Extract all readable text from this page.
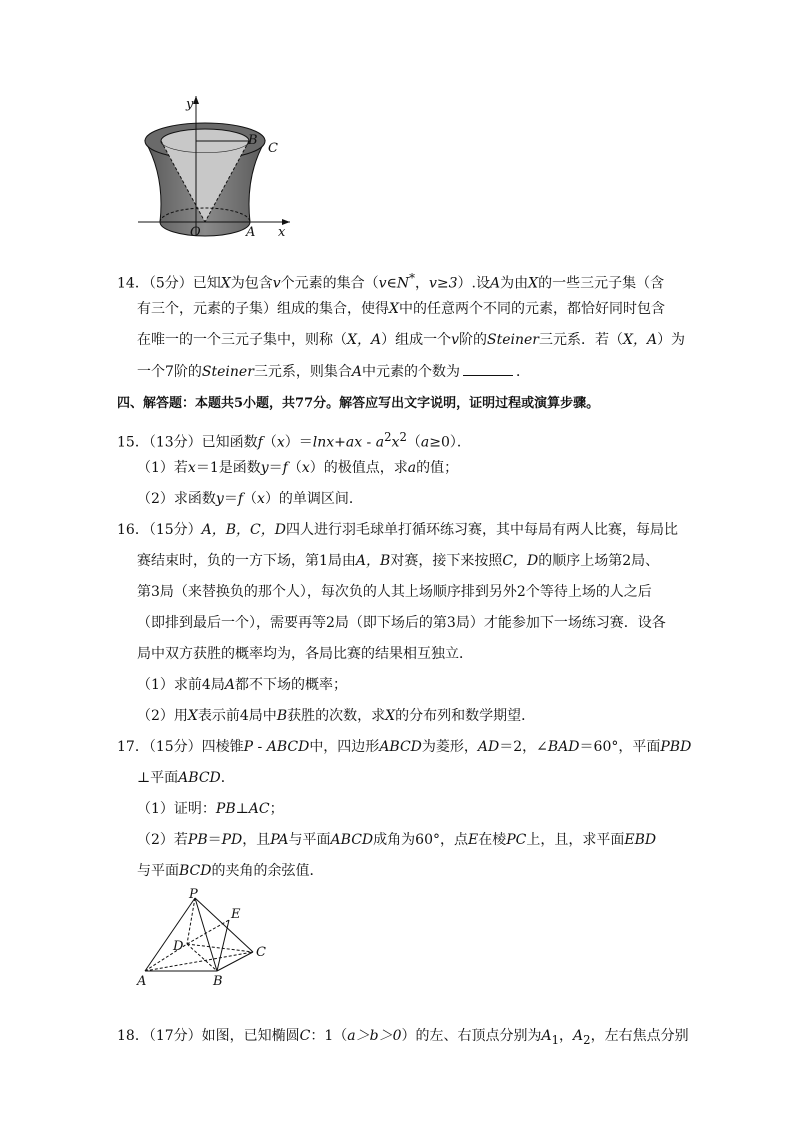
y
B
C
O	A x
14．（5分）已知X为包含v个元素的集合（v∈N*，v≥3）.设A为由X的一些三元子集（含
有三个，元素的子集）组成的集合，使得X中的任意两个不同的元素，都恰好同时包含
在唯一的一个三元子集中，则称（X，A）组成一个v阶的Steiner三元系．若（X，A）为
一个7阶的Steiner三元系，则集合A中元素的个数为	．
四、解答题：本题共5小题，共77分。解答应写出文字说明，证明过程或演算步骤。
15．（13分）已知函数$f(x)=\ln x+ax - a^2x^2(a\ge 0)$．
（1）若x＝1是函数y＝f（x）的极值点，求a的值；
（2）求函数y＝f（x）的单调区间．
16．（15分）A，B，C，D四人进行羽毛球单打循环练习赛，其中每局有两人比赛，每局比
赛结束时，负的一方下场，第1局由A，B对赛，接下来按照C，D的顺序上场第2局、
第3局（来替换负的那个人），每次负的人其上场顺序排到另外2个等待上场的人之后
（即排到最后一个），需要再等2局（即下场后的第3局）才能参加下一场练习赛．设各
局中双方获胜的概率均为，各局比赛的结果相互独立．
（1）求前4局A都不下场的概率；
（2）用X表示前4局中B获胜的次数，求X的分布列和数学期望．
17．（15分）四棱锥P - ABCD中，四边形ABCD为菱形，AD＝2，∠BAD＝60°，平面PBD
⊥平面ABCD．
（1）证明：PB⊥AC；
（2）若PB＝PD，且PA与平面ABCD成角为60°，点E在棱PC上，且，求平面EBD
与平面BCD的夹角的余弦值．
P
E
D	C
A	B
18．（17分）如图，已知椭圆C：1（a＞b＞0）的左、右顶点分别为$A_1$，$A_2$，左右焦点分别
